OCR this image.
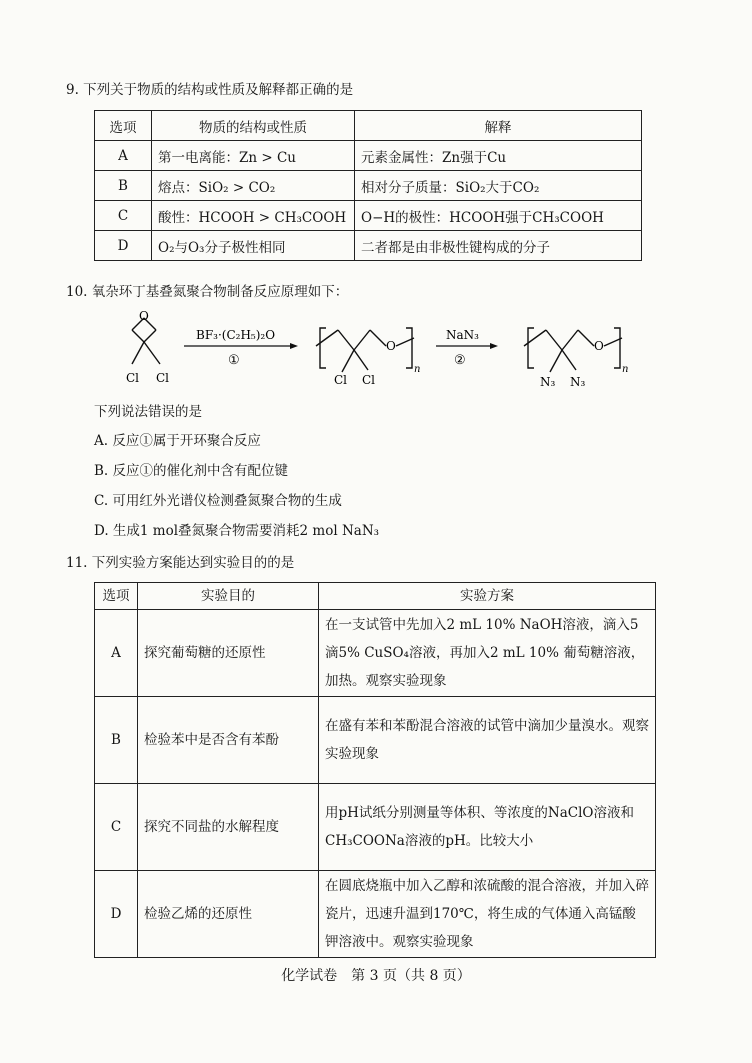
9. 下列关于物质的结构或性质及解释都正确的是
选项	物质的结构或性质	解释
A	第一电离能：Zn > Cu	元素金属性：Zn强于Cu
B	熔点：SiO₂ > CO₂	相对分子质量：SiO₂大于CO₂
C	酸性：HCOOH > CH₃COOH	O−H的极性：HCOOH强于CH₃COOH
D	O₂与O₃分子极性相同	二者都是由非极性键构成的分子
10. 氧杂环丁基叠氮聚合物制备反应原理如下：
O
Cl Cl
BF₃·(C₂H₅)₂O
①
O
n
Cl Cl
NaN₃
②
O
n
N₃ N₃
下列说法错误的是
A. 反应①属于开环聚合反应
B. 反应①的催化剂中含有配位键
C. 可用红外光谱仪检测叠氮聚合物的生成
D. 生成1 mol叠氮聚合物需要消耗2 mol NaN₃
11. 下列实验方案能达到实验目的的是
选项	实验目的	实验方案
A	探究葡萄糖的还原性	在一支试管中先加入2 mL 10% NaOH溶液，滴入5滴5% CuSO₄溶液，再加入2 mL 10% 葡萄糖溶液，加热。观察实验现象
B	检验苯中是否含有苯酚	在盛有苯和苯酚混合溶液的试管中滴加少量溴水。观察实验现象
C	探究不同盐的水解程度	用pH试纸分别测量等体积、等浓度的NaClO溶液和CH₃COONa溶液的pH。比较大小
D	检验乙烯的还原性	在圆底烧瓶中加入乙醇和浓硫酸的混合溶液，并加入碎瓷片，迅速升温到170℃，将生成的气体通入高锰酸钾溶液中。观察实验现象
化学试卷　第 3 页（共 8 页）
